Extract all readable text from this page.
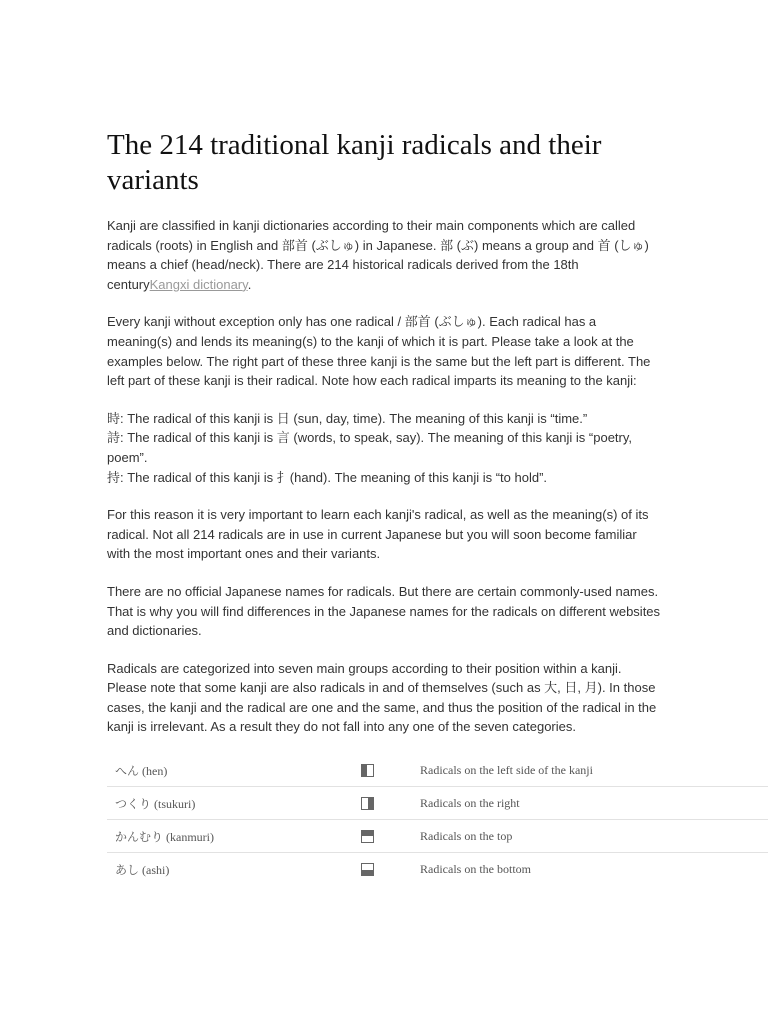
The 214 traditional kanji radicals and their variants

Kanji are classified in kanji dictionaries according to their main components which are called radicals (roots) in English and 部首 (ぶしゅ) in Japanese. 部 (ぶ) means a group and 首 (しゅ) means a chief (head/neck). There are 214 historical radicals derived from the 18th centuryKangxi dictionary.

Every kanji without exception only has one radical / 部首 (ぶしゅ). Each radical has a meaning(s) and lends its meaning(s) to the kanji of which it is part. Please take a look at the examples below. The right part of these three kanji is the same but the left part is different. The left part of these kanji is their radical. Note how each radical imparts its meaning to the kanji:

時: The radical of this kanji is 日 (sun, day, time). The meaning of this kanji is “time.”
詩: The radical of this kanji is 言 (words, to speak, say). The meaning of this kanji is “poetry, poem”.
持: The radical of this kanji is 扌(hand). The meaning of this kanji is “to hold”.

For this reason it is very important to learn each kanji's radical, as well as the meaning(s) of its radical. Not all 214 radicals are in use in current Japanese but you will soon become familiar with the most important ones and their variants.

There are no official Japanese names for radicals. But there are certain commonly-used names. That is why you will find differences in the Japanese names for the radicals on different websites and dictionaries.

Radicals are categorized into seven main groups according to their position within a kanji. Please note that some kanji are also radicals in and of themselves (such as 大, 日, 月). In those cases, the kanji and the radical are one and the same, and thus the position of the radical in the kanji is irrelevant. As a result they do not fall into any one of the seven categories.

へん (hen)	Radicals on the left side of the kanji
つくり (tsukuri)	Radicals on the right
かんむり (kanmuri)	Radicals on the top
あし (ashi)	Radicals on the bottom
